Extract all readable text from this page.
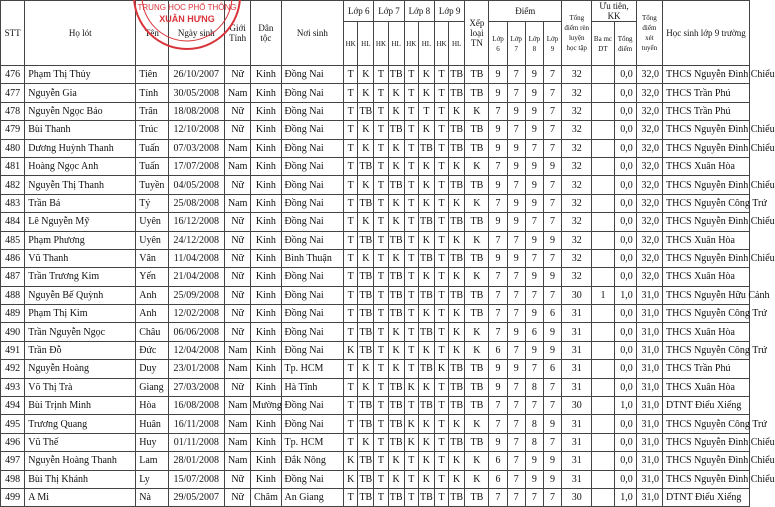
STT	Họ lót	Tên	Ngày sinh	Giới Tính	Dân tộc	Nơi sinh	Lớp 6		Lớp 7		Lớp 8		Lớp 9		Xếp loại TN	Điểm				Tổng điểm rèn luyện học tập	Ưu tiên, KK		Tổng điểm xét tuyển	Học sinh lớp 9 trường
							HK	HL	HK	HL	HK	HL	HK	HL		Lớp 6	Lớp 7	Lớp 8	Lớp 9		Ba mc DT	Tổng điểm		
476	Phạm Thị Thủy	Tiên	26/10/2007	Nữ	Kinh	Đồng Nai	T	K	T	TB	T	K	T	TB	TB	9	7	9	7	32		0,0	32,0	THCS Nguyễn Đình Chiểu
477	Nguyễn Gia	Tính	30/05/2008	Nam	Kinh	Đồng Nai	T	K	T	K	T	K	T	TB	TB	9	7	9	7	32		0,0	32,0	THCS Trần Phú
478	Nguyễn Ngọc Bảo	Trân	18/08/2008	Nữ	Kinh	Đồng Nai	T	TB	T	K	T	T	T	K	K	7	9	9	7	32		0,0	32,0	THCS Trần Phú
479	Bùi Thanh	Trúc	12/10/2008	Nữ	Kinh	Đồng Nai	T	K	T	TB	T	K	T	TB	TB	9	7	9	7	32		0,0	32,0	THCS Nguyễn Đình Chiểu
480	Dương Huỳnh Thanh	Tuấn	07/03/2008	Nam	Kinh	Đồng Nai	T	K	T	K	T	TB	T	TB	TB	9	9	7	7	32		0,0	32,0	THCS Nguyễn Đình Chiểu
481	Hoàng Ngọc Anh	Tuấn	17/07/2008	Nam	Kinh	Đồng Nai	T	TB	T	K	T	K	T	K	K	7	9	9	9	32		0,0	32,0	THCS Xuân Hòa
482	Nguyễn Thị Thanh	Tuyền	04/05/2008	Nữ	Kinh	Đồng Nai	T	K	T	TB	T	K	T	TB	TB	9	7	9	7	32		0,0	32,0	THCS Nguyễn Đình Chiểu
483	Trần Bá	Tý	25/08/2008	Nam	Kinh	Đồng Nai	T	TB	T	K	T	K	T	K	K	7	9	9	7	32		0,0	32,0	THCS Nguyễn Công Trứ
484	Lê Nguyễn Mỹ	Uyên	16/12/2008	Nữ	Kinh	Đồng Nai	T	K	T	K	T	TB	T	TB	TB	9	9	7	7	32		0,0	32,0	THCS Nguyễn Đình Chiểu
485	Phạm Phương	Uyên	24/12/2008	Nữ	Kinh	Đồng Nai	T	TB	T	TB	T	K	T	K	K	7	7	9	9	32		0,0	32,0	THCS Xuân Hòa
486	Vũ Thanh	Vân	11/04/2008	Nữ	Kinh	Bình Thuận	T	K	T	K	T	TB	T	TB	TB	9	9	7	7	32		0,0	32,0	THCS Nguyễn Đình Chiểu
487	Trần Trương Kim	Yến	21/04/2008	Nữ	Kinh	Đồng Nai	T	TB	T	TB	T	K	T	K	K	7	7	9	9	32		0,0	32,0	THCS Xuân Hòa
488	Nguyễn Bế Quỳnh	Anh	25/09/2008	Nữ	Kinh	Đồng Nai	T	TB	T	TB	T	TB	T	TB	TB	7	7	7	7	30	1	1,0	31,0	THCS Nguyễn Hữu Cảnh
489	Phạm Thị Kim	Anh	12/02/2008	Nữ	Kinh	Đồng Nai	T	TB	T	TB	T	K	T	K	TB	7	7	9	6	31		0,0	31,0	THCS Nguyễn Công Trứ
490	Trần Nguyễn Ngọc	Châu	06/06/2008	Nữ	Kinh	Đồng Nai	T	TB	T	K	T	TB	T	K	K	7	9	6	9	31		0,0	31,0	THCS Xuân Hòa
491	Trần Đỗ	Đức	12/04/2008	Nam	Kinh	Đồng Nai	K	TB	T	K	T	K	T	K	K	6	7	9	9	31		0,0	31,0	THCS Nguyễn Công Trứ
492	Nguyễn Hoàng	Duy	23/01/2008	Nam	Kinh	Tp. HCM	T	K	T	K	T	TB	K	TB	TB	9	9	7	6	31		0,0	31,0	THCS Trần Phú
493	Võ Thị Trà	Giang	27/03/2008	Nữ	Kinh	Hà Tĩnh	T	K	T	TB	K	K	T	TB	TB	9	7	8	7	31		0,0	31,0	THCS Xuân Hòa
494	Bùi Trịnh Minh	Hòa	16/08/2008	Nam	Mường	Đồng Nai	T	TB	T	TB	T	TB	T	TB	TB	7	7	7	7	30		1,0	31,0	DTNT Điểu Xiểng
495	Trương Quang	Huân	16/11/2008	Nam	Kinh	Đồng Nai	T	TB	T	TB	K	K	T	K	K	7	7	8	9	31		0,0	31,0	THCS Nguyễn Công Trứ
496	Vũ Thế	Huy	01/11/2008	Nam	Kinh	Tp. HCM	T	K	T	TB	K	K	T	TB	TB	9	7	8	7	31		0,0	31,0	THCS Nguyễn Đình Chiểu
497	Nguyễn Hoàng Thanh	Lam	28/01/2008	Nam	Kinh	Đắk Nông	K	TB	T	K	T	K	T	K	K	6	7	9	9	31		0,0	31,0	THCS Nguyễn Đình Chiểu
498	Bùi Thị Khánh	Ly	15/07/2008	Nữ	Kinh	Đồng Nai	K	TB	T	K	T	K	T	K	K	6	7	9	9	31		0,0	31,0	THCS Nguyễn Đình Chiểu
499	A Mi	Nà	29/05/2007	Nữ	Chăm	An Giang	T	TB	T	TB	T	TB	T	TB	TB	7	7	7	7	30		1,0	31,0	DTNT Điểu Xiểng
TRUNG HỌC PHỔ THÔNG
XUÂN HƯNG
